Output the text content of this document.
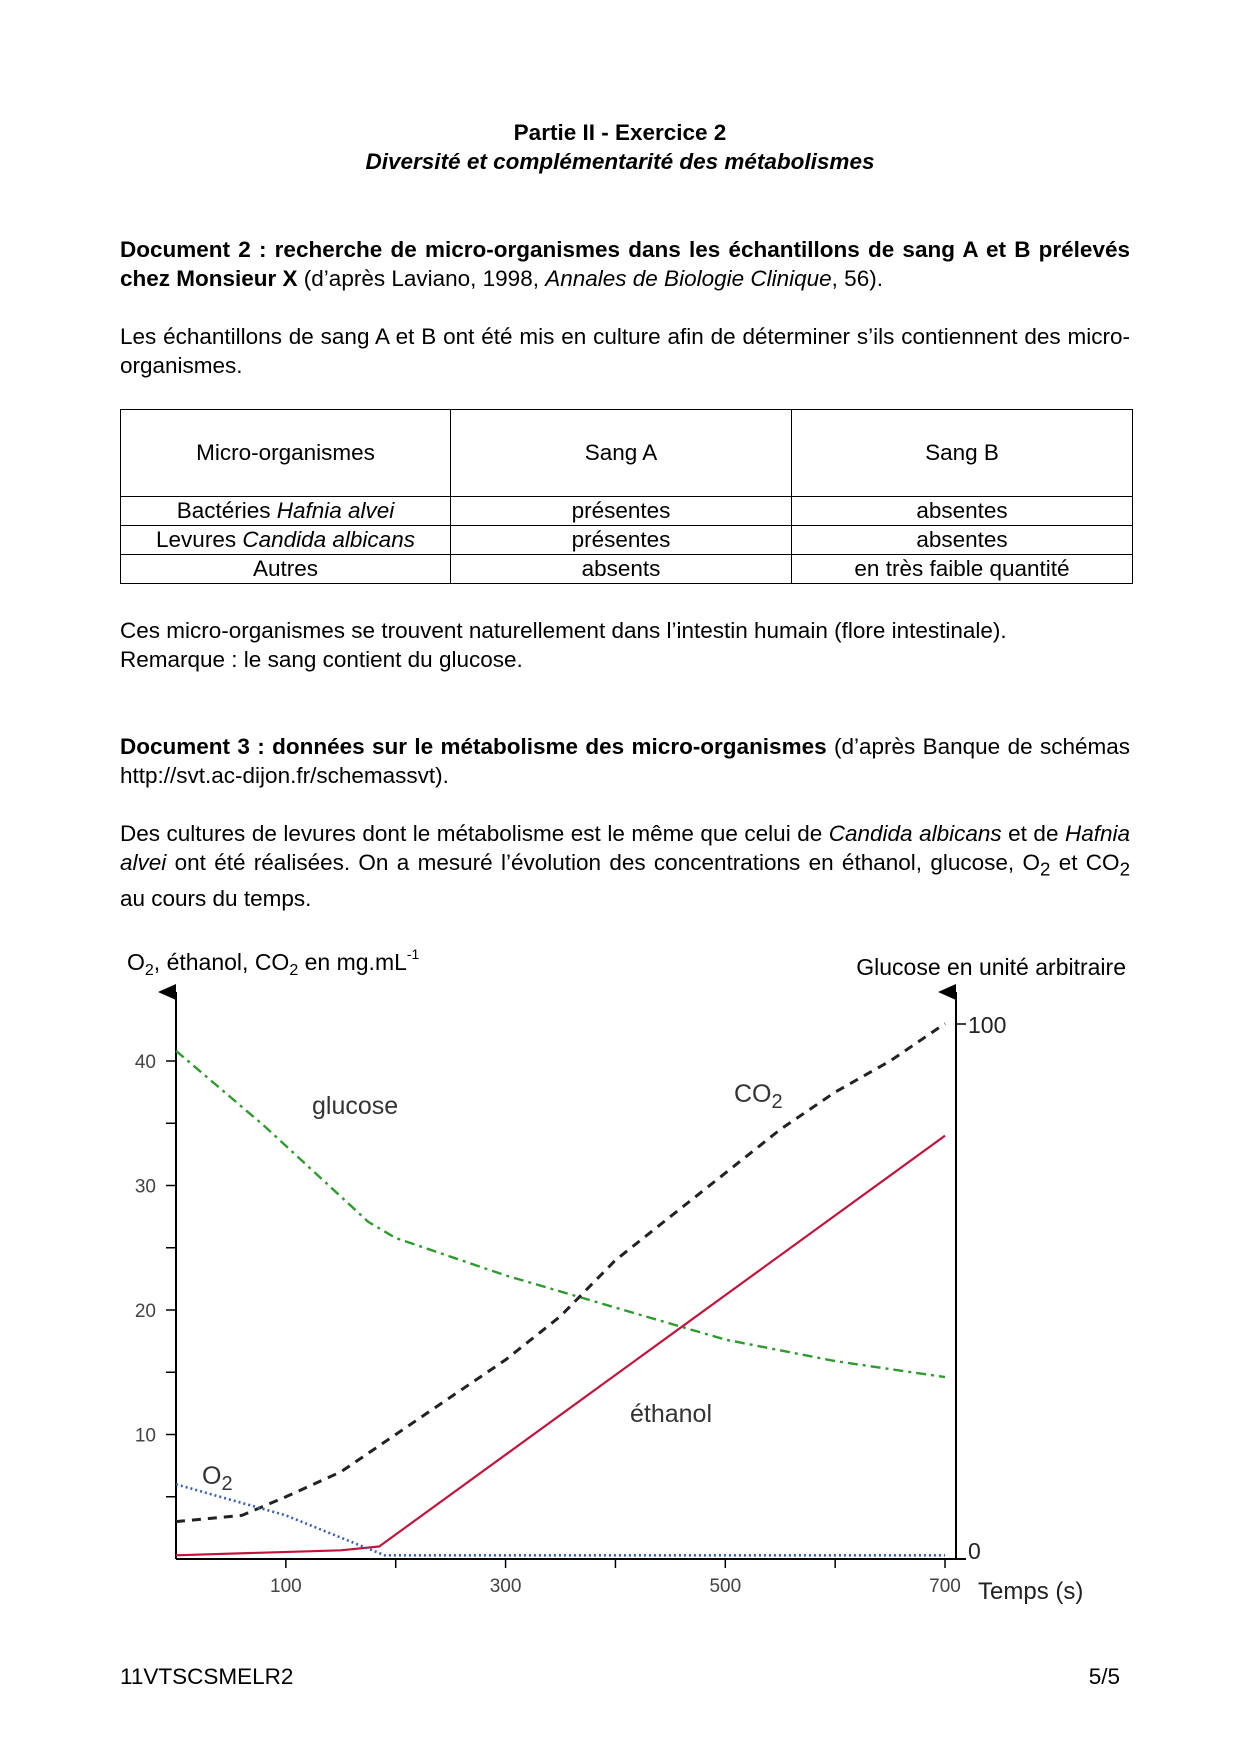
Partie II - Exercice 2
Diversité et complémentarité des métabolismes
Document 2 : recherche de micro-organismes dans les échantillons de sang A et B prélevés chez Monsieur X (d’après Laviano, 1998, Annales de Biologie Clinique, 56).
Les échantillons de sang A et B ont été mis en culture afin de déterminer s’ils contiennent des micro-organismes.
Micro-organismes	Sang A	Sang B
Bactéries Hafnia alvei	présentes	absentes
Levures Candida albicans	présentes	absentes
Autres	absents	en très faible quantité
Ces micro-organismes se trouvent naturellement dans l’intestin humain (flore intestinale).
Remarque : le sang contient du glucose.
Document 3 : données sur le métabolisme des micro-organismes (d’après Banque de schémas http://svt.ac-dijon.fr/schemassvt).
Des cultures de levures dont le métabolisme est le même que celui de Candida albicans et de Hafnia alvei ont été réalisées. On a mesuré l’évolution des concentrations en éthanol, glucose, $O_2$ et $CO_2$ au cours du temps.
$O_2$, éthanol, $CO_2$ en $mg.mL^{-1}$	Glucose en unité arbitraire
Temps (s)
10
20
30
40
0
100
100	300	500	700
glucose	$CO_2$
éthanol
$O_2$
11VTSCSMELR2	5/5
